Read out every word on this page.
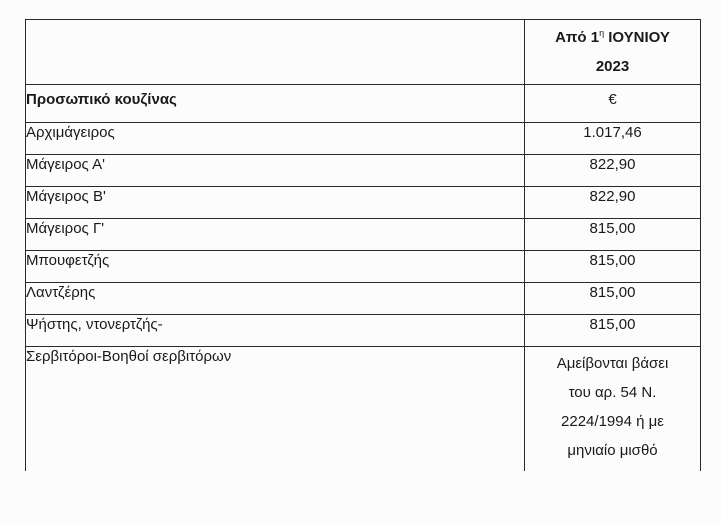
	Από $1^\eta$ ΙΟΥΝΙΟΥ
2023
Προσωπικό κουζίνας	€
Αρχιμάγειρος	1.017,46
Μάγειρος Α'	822,90
Μάγειρος Β'	822,90
Μάγειρος Γ'	815,00
Μπουφετζής	815,00
Λαντζέρης	815,00
Ψήστης, ντονερτζής-	815,00
Σερβιτόροι-Βοηθοί σερβιτόρων	Αμείβονται βάσει
του αρ. 54 Ν.
2224/1994 ή με
μηνιαίο μισθό
